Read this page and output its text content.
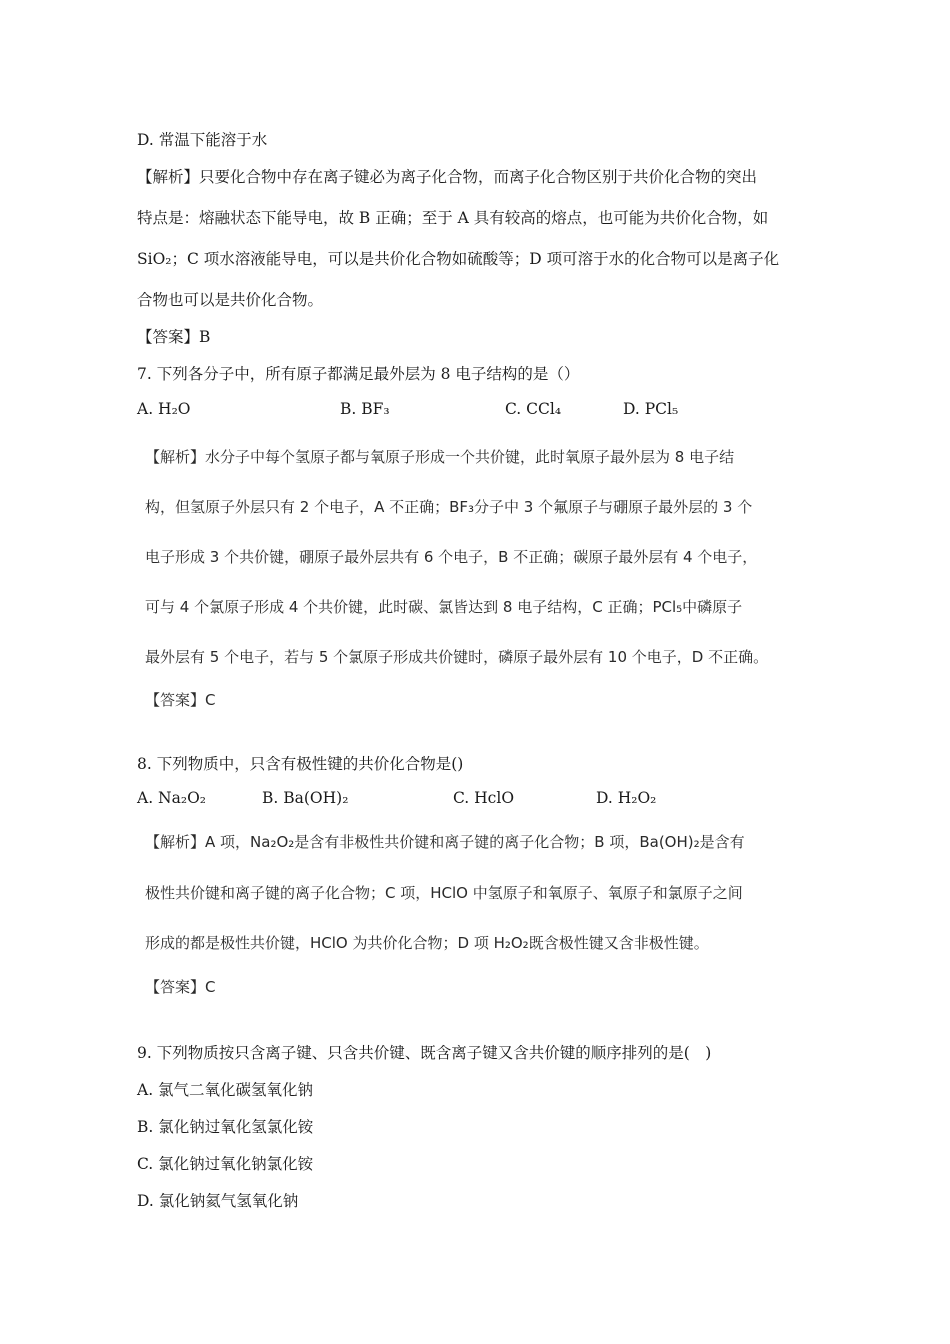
D. 常温下能溶于水
【解析】只要化合物中存在离子键必为离子化合物，而离子化合物区别于共价化合物的突出
特点是：熔融状态下能导电，故 B 正确；至于 A 具有较高的熔点，也可能为共价化合物，如
SiO₂；C 项水溶液能导电，可以是共价化合物如硫酸等；D 项可溶于水的化合物可以是离子化
合物也可以是共价化合物。
【答案】B
7. 下列各分子中，所有原子都满足最外层为 8 电子结构的是（）
A. H₂O	B. BF₃	C. CCl₄	D. PCl₅
【解析】水分子中每个氢原子都与氧原子形成一个共价键，此时氧原子最外层为 8 电子结
构，但氢原子外层只有 2 个电子，A 不正确；BF₃分子中 3 个氟原子与硼原子最外层的 3 个
电子形成 3 个共价键，硼原子最外层共有 6 个电子，B 不正确；碳原子最外层有 4 个电子，
可与 4 个氯原子形成 4 个共价键，此时碳、氯皆达到 8 电子结构，C 正确；PCl₅中磷原子
最外层有 5 个电子，若与 5 个氯原子形成共价键时，磷原子最外层有 10 个电子，D 不正确。
【答案】C
8. 下列物质中，只含有极性键的共价化合物是()
A. Na₂O₂	B. Ba(OH)₂	C. HclO	D. H₂O₂
【解析】A 项，Na₂O₂是含有非极性共价键和离子键的离子化合物；B 项，Ba(OH)₂是含有
极性共价键和离子键的离子化合物；C 项，HClO 中氢原子和氧原子、氧原子和氯原子之间
形成的都是极性共价键，HClO 为共价化合物；D 项 H₂O₂既含极性键又含非极性键。
【答案】C
9. 下列物质按只含离子键、只含共价键、既含离子键又含共价键的顺序排列的是(　)
A. 氯气二氧化碳氢氧化钠
B. 氯化钠过氧化氢氯化铵
C. 氯化钠过氧化钠氯化铵
D. 氯化钠氦气氢氧化钠
